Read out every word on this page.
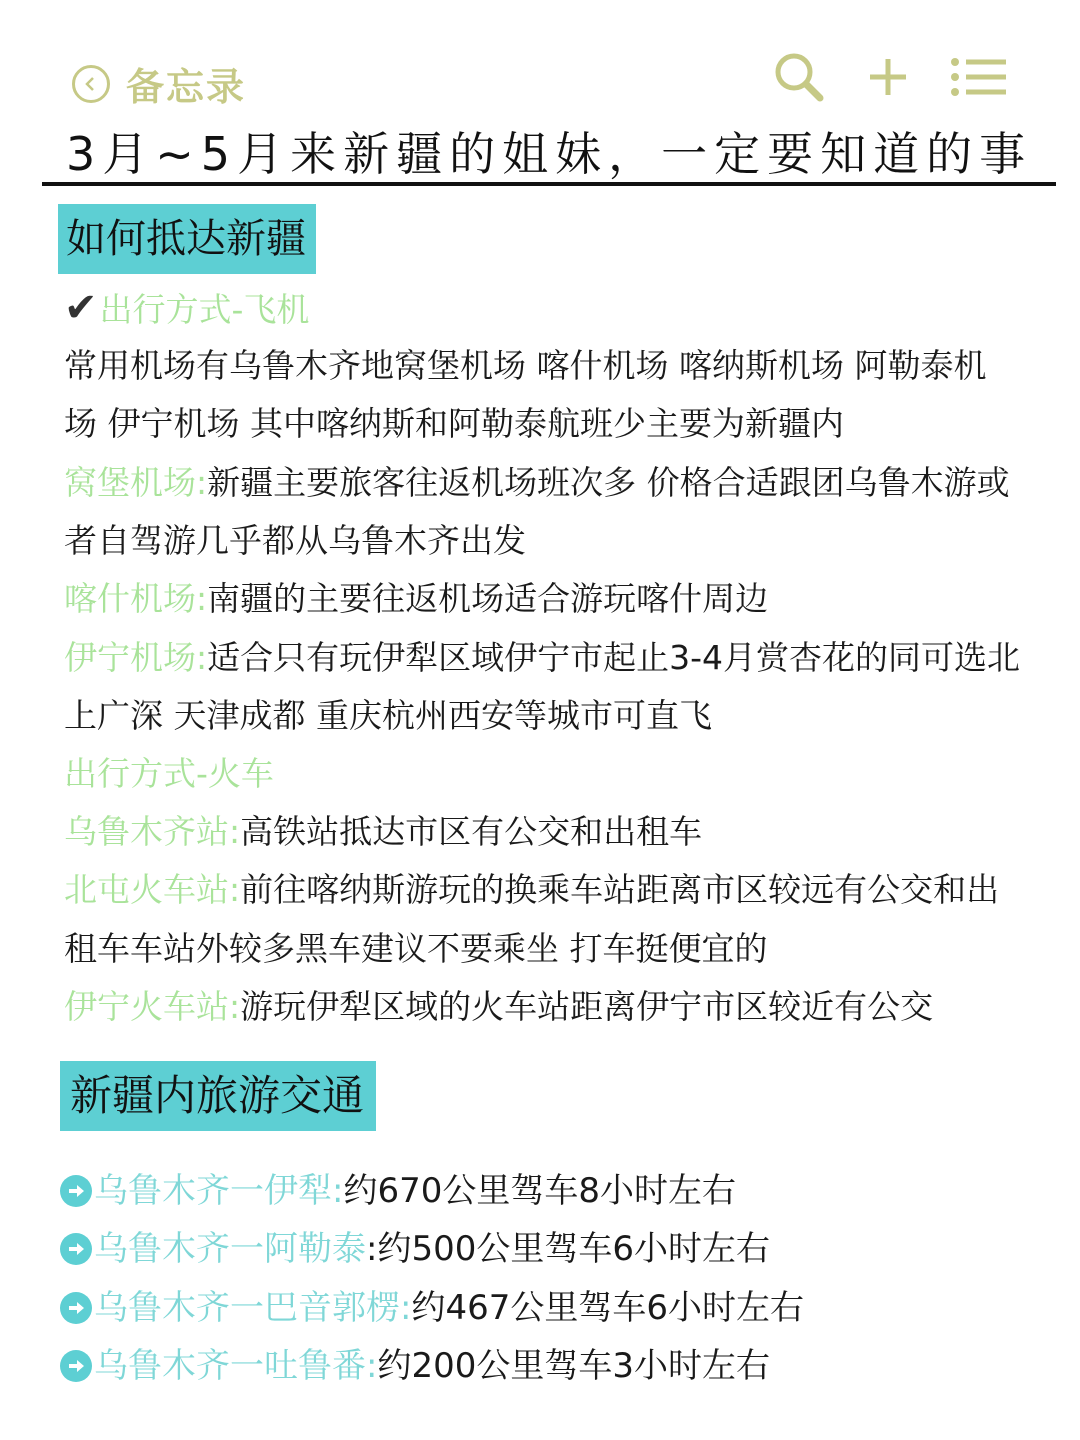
备忘录
3月~5月来新疆的姐妹，一定要知道的事
如何抵达新疆
✔出行方式-飞机
常用机场有乌鲁木齐地窝堡机场 喀什机场 喀纳斯机场 阿勒泰机
场 伊宁机场 其中喀纳斯和阿勒泰航班少主要为新疆内
窝堡机场:新疆主要旅客往返机场班次多 价格合适跟团乌鲁木游或
者自驾游几乎都从乌鲁木齐出发
喀什机场:南疆的主要往返机场适合游玩喀什周边
伊宁机场:适合只有玩伊犁区域伊宁市起止3-4月赏杏花的同可选北
上广深 天津成都 重庆杭州西安等城市可直飞
出行方式-火车
乌鲁木齐站:高铁站抵达市区有公交和出租车
北屯火车站:前往喀纳斯游玩的换乘车站距离市区较远有公交和出
租车车站外较多黑车建议不要乘坐 打车挺便宜的
伊宁火车站:游玩伊犁区域的火车站距离伊宁市区较近有公交
新疆内旅游交通
乌鲁木齐一伊犁: 约670公里驾车8小时左右
乌鲁木齐一阿勒泰 :约500公里驾车6小时左右
乌鲁木齐一巴音郭楞: 约467公里驾车6小时左右
乌鲁木齐一吐鲁番: 约200公里驾车3小时左右
